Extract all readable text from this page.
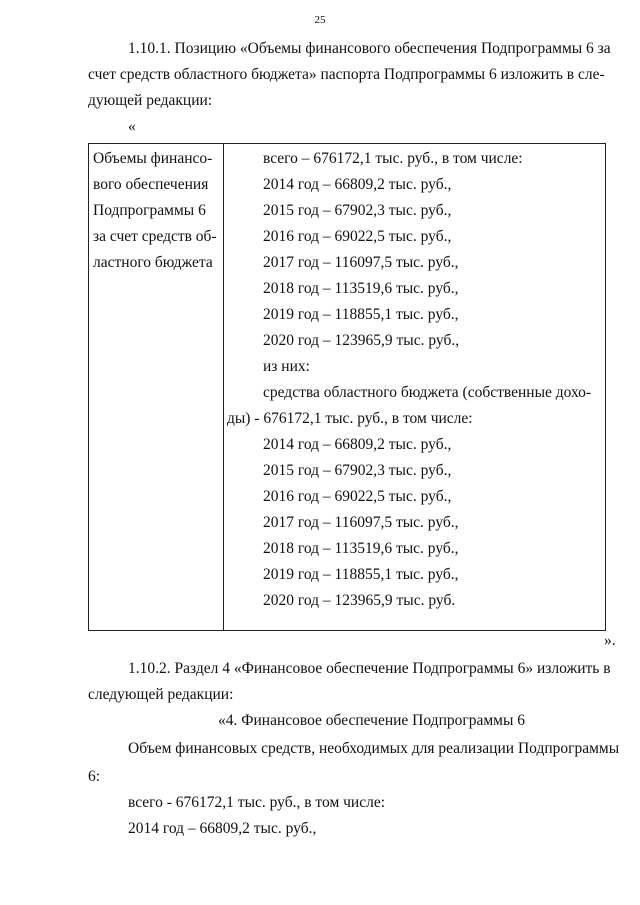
25
1.10.1. Позицию «Объемы финансового обеспечения Подпрограммы 6 за
счет средств областного бюджета» паспорта Подпрограммы 6 изложить в сле-
дующей редакции:
«
Объемы финансо-
вого обеспечения
Подпрограммы 6
за счет средств об-
ластного бюджета
всего – 676172,1 тыс. руб., в том числе:
2014 год – 66809,2 тыс. руб.,
2015 год – 67902,3 тыс. руб.,
2016 год – 69022,5 тыс. руб.,
2017 год – 116097,5 тыс. руб.,
2018 год – 113519,6 тыс. руб.,
2019 год – 118855,1 тыс. руб.,
2020 год – 123965,9 тыс. руб.,
из них:
средства областного бюджета (собственные дохо-
ды) - 676172,1 тыс. руб., в том числе:
2014 год – 66809,2 тыс. руб.,
2015 год – 67902,3 тыс. руб.,
2016 год – 69022,5 тыс. руб.,
2017 год – 116097,5 тыс. руб.,
2018 год – 113519,6 тыс. руб.,
2019 год – 118855,1 тыс. руб.,
2020 год – 123965,9 тыс. руб.
».
1.10.2. Раздел 4 «Финансовое обеспечение Подпрограммы 6» изложить в
следующей редакции:
«4. Финансовое обеспечение Подпрограммы 6
Объем финансовых средств, необходимых для реализации Подпрограммы
6:
всего - 676172,1 тыс. руб., в том числе:
2014 год – 66809,2 тыс. руб.,
